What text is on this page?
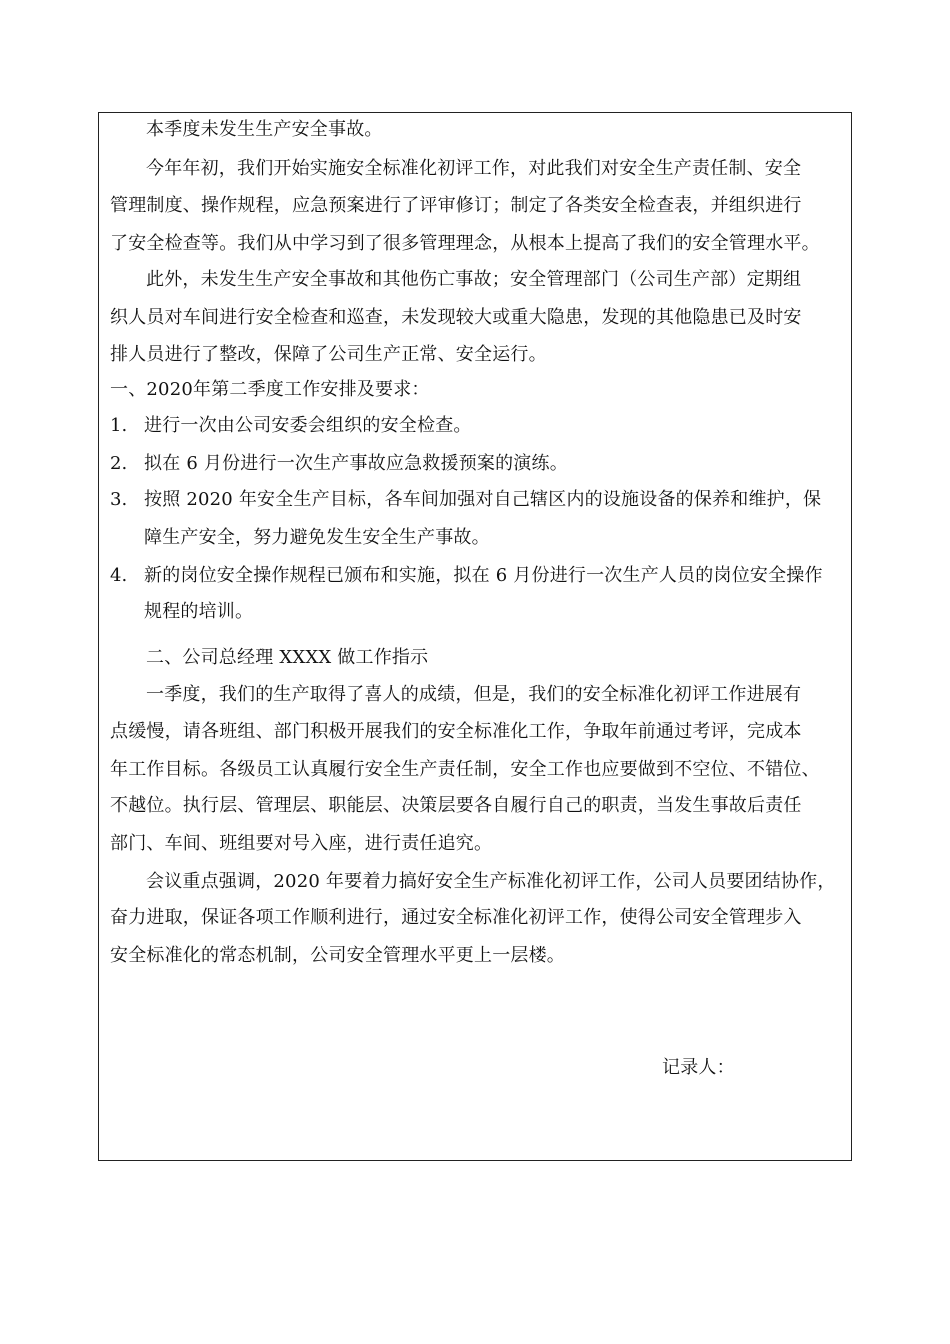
本季度未发生生产安全事故。
今年年初，我们开始实施安全标准化初评工作，对此我们对安全生产责任制、安全
管理制度、操作规程，应急预案进行了评审修订；制定了各类安全检查表，并组织进行
了安全检查等。我们从中学习到了很多管理理念，从根本上提高了我们的安全管理水平。
此外，未发生生产安全事故和其他伤亡事故；安全管理部门（公司生产部）定期组
织人员对车间进行安全检查和巡查，未发现较大或重大隐患，发现的其他隐患已及时安
排人员进行了整改，保障了公司生产正常、安全运行。
一、2020年第二季度工作安排及要求：
1. 进行一次由公司安委会组织的安全检查。
2. 拟在 6 月份进行一次生产事故应急救援预案的演练。
3. 按照 2020 年安全生产目标，各车间加强对自己辖区内的设施设备的保养和维护，保
障生产安全，努力避免发生安全生产事故。
4. 新的岗位安全操作规程已颁布和实施，拟在 6 月份进行一次生产人员的岗位安全操作
规程的培训。
二、公司总经理 XXXX 做工作指示
一季度，我们的生产取得了喜人的成绩，但是，我们的安全标准化初评工作进展有
点缓慢，请各班组、部门积极开展我们的安全标准化工作，争取年前通过考评，完成本
年工作目标。各级员工认真履行安全生产责任制，安全工作也应要做到不空位、不错位、
不越位。执行层、管理层、职能层、决策层要各自履行自己的职责，当发生事故后责任
部门、车间、班组要对号入座，进行责任追究。
会议重点强调，2020 年要着力搞好安全生产标准化初评工作，公司人员要团结协作，
奋力进取，保证各项工作顺利进行，通过安全标准化初评工作，使得公司安全管理步入
安全标准化的常态机制，公司安全管理水平更上一层楼。
记录人：
